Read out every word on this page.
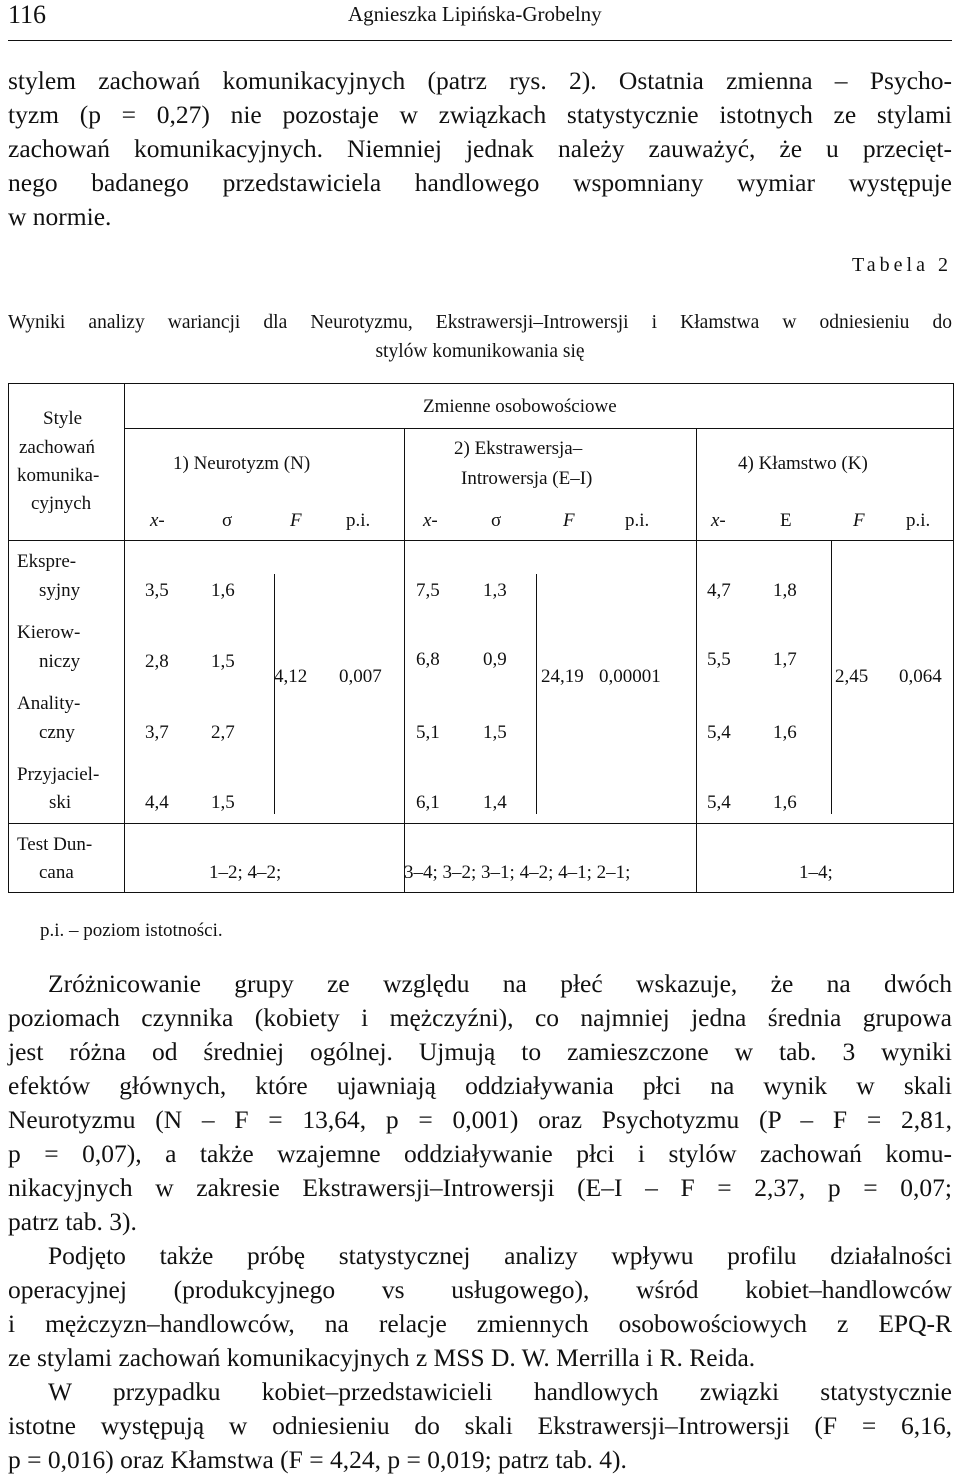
116	Agnieszka Lipińska-Grobelny
stylem zachowań komunikacyjnych (patrz rys. 2). Ostatnia zmienna – Psycho-
tyzm (p = 0,27) nie pozostaje w związkach statystycznie istotnych ze stylami
zachowań komunikacyjnych. Niemniej jednak należy zauważyć, że u przecięt-
nego badanego przedstawiciela handlowego wspomniany wymiar występuje
w normie.
Tabela 2
Wyniki analizy wariancji dla Neurotyzmu, Ekstrawersji–Introwersji i Kłamstwa w odniesieniu do
stylów komunikowania się
Style
zachowań
komunika-
cyjnych
Zmienne osobowościowe
1) Neurotyzm (N)
2) Ekstrawersja–
Introwersja (E–I)
4) Kłamstwo (K)
x-	σ	F p.i.	x-	σ	F	p.i.	x-	E	F p.i.
Ekspre-
syjny	3,5 1,6	7,5 1,3	4,7 1,8
Kierow-
niczy	2,8 1,5	6,8 0,9	5,5 1,7
4,12 0,007	24,19 0,00001	2,45 0,064
Anality-
czny	3,7 2,7	5,1 1,5	5,4 1,6
Przyjaciel-
ski	4,4 1,5	6,1 1,4	5,4 1,6
Test Dun-
cana	1–2; 4–2;	3–4; 3–2; 3–1; 4–2; 4–1; 2–1;	1–4;
p.i. – poziom istotności.
Zróżnicowanie grupy ze względu na płeć wskazuje, że na dwóch
poziomach czynnika (kobiety i mężczyźni), co najmniej jedna średnia grupowa
jest różna od średniej ogólnej. Ujmują to zamieszczone w tab. 3 wyniki
efektów głównych, które ujawniają oddziaływania płci na wynik w skali
Neurotyzmu (N – F = 13,64, p = 0,001) oraz Psychotyzmu (P – F = 2,81,
p = 0,07), a także wzajemne oddziaływanie płci i stylów zachowań komu-
nikacyjnych w zakresie Ekstrawersji–Introwersji (E–I – F = 2,37, p = 0,07;
patrz tab. 3).
Podjęto także próbę statystycznej analizy wpływu profilu działalności
operacyjnej (produkcyjnego vs usługowego), wśród kobiet–handlowców
i mężczyzn–handlowców, na relacje zmiennych osobowościowych z EPQ-R
ze stylami zachowań komunikacyjnych z MSS D. W. Merrilla i R. Reida.
W przypadku kobiet–przedstawicieli handlowych związki statystycznie
istotne występują w odniesieniu do skali Ekstrawersji–Introwersji (F = 6,16,
p = 0,016) oraz Kłamstwa (F = 4,24, p = 0,019; patrz tab. 4).
